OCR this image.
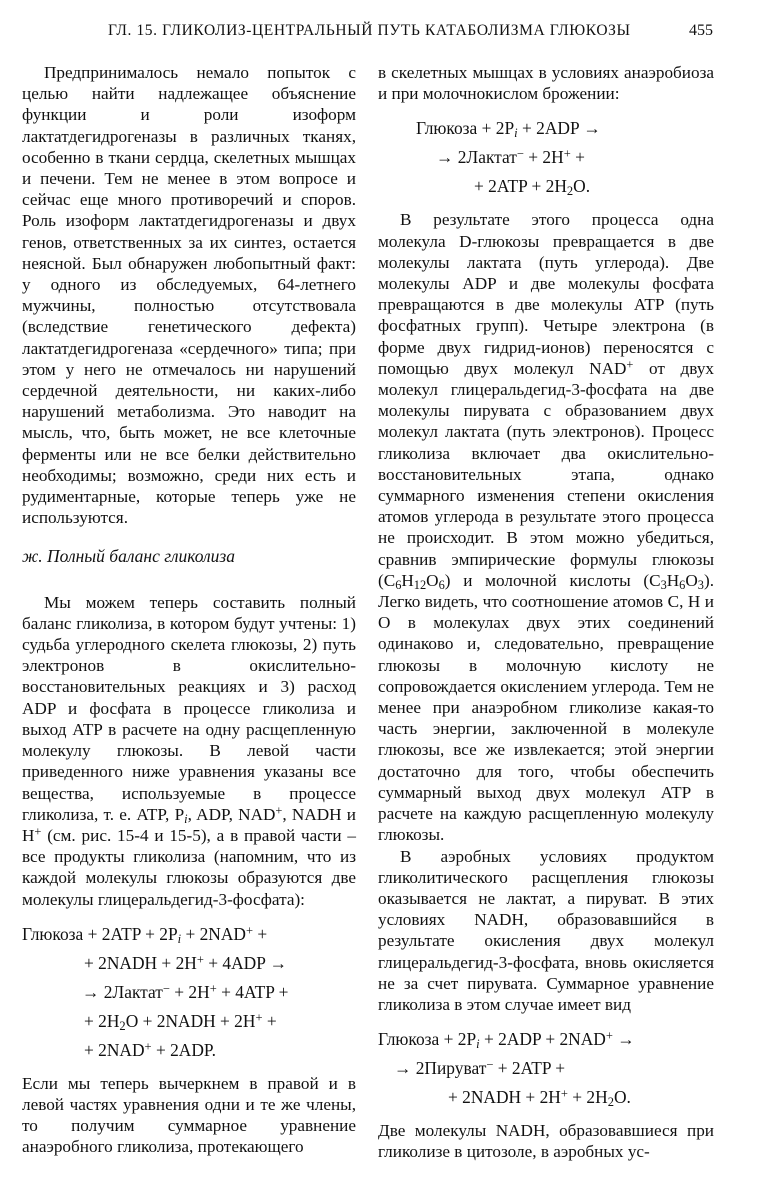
ГЛ. 15. ГЛИКОЛИЗ-ЦЕНТРАЛЬНЫЙ ПУТЬ КАТАБОЛИЗМА ГЛЮКОЗЫ	455

Предпринималось немало попыток с целью найти надлежащее объяснение функции и роли изоформ лактатдегидрогеназы в различных тканях, особенно в ткани сердца, скелетных мышцах и печени. Тем не менее в этом вопросе и сейчас еще много противоречий и споров. Роль изоформ лактатдегидрогеназы и двух генов, ответственных за их синтез, остается неясной. Был обнаружен любопытный факт: у одного из обследуемых, 64-летнего мужчины, полностью отсутствовала (вследствие генетического дефекта) лактатдегидрогеназа «сердечного» типа; при этом у него не отмечалось ни нарушений сердечной деятельности, ни каких-либо нарушений метаболизма. Это наводит на мысль, что, быть может, не все клеточные ферменты или не все белки действительно необходимы; возможно, среди них есть и рудиментарные, которые теперь уже не используются.

ж. Полный баланс гликолиза

Мы можем теперь составить полный баланс гликолиза, в котором будут учтены: 1) судьба углеродного скелета глюкозы, 2) путь электронов в окислительно-восстановительных реакциях и 3) расход ADP и фосфата в процессе гликолиза и выход ATP в расчете на одну расщепленную молекулу глюкозы. В левой части приведенного ниже уравнения указаны все вещества, используемые в процессе гликолиза, т. е. ATP, $P_i$, ADP, NAD+, NADH и H+ (см. рис. 15-4 и 15-5), а в правой части – все продукты гликолиза (напомним, что из каждой молекулы глюкозы образуются две молекулы глицеральдегид-3-фосфата):

Глюкоза + $2ATP + 2P_i + 2NAD^+$ +
+ 2NADH + 2H+ + 4ADP →
→ 2Лактат− + 2H+ + 4ATP +
+ $2H_2O$ + 2NADH + 2H+ +
+ 2NAD+ + 2ADP.

Если мы теперь вычеркнем в правой и в левой частях уравнения одни и те же члены, то получим суммарное уравнение анаэробного гликолиза, протекающего

в скелетных мышцах в условиях анаэробиоза и при молочнокислом брожении:

Глюкоза + $2P_i + 2ADP$ →
→ 2Лактат− + 2H+ +
+ $2ATP + 2H_2O$.

В результате этого процесса одна молекула D-глюкозы превращается в две молекулы лактата (путь углерода). Две молекулы ADP и две молекулы фосфата превращаются в две молекулы ATP (путь фосфатных групп). Четыре электрона (в форме двух гидрид-ионов) переносятся с помощью двух молекул NAD+ от двух молекул глицеральдегид-3-фосфата на две молекулы пирувата с образованием двух молекул лактата (путь электронов). Процесс гликолиза включает два окислительно-восстановительных этапа, однако суммарного изменения степени окисления атомов углерода в результате этого процесса не происходит. В этом можно убедиться, сравнив эмпирические формулы глюкозы $(C_6H_{12}O_6)$ и молочной кислоты $(C_3H_6O_3)$. Легко видеть, что соотношение атомов C, H и O в молекулах двух этих соединений одинаково и, следовательно, превращение глюкозы в молочную кислоту не сопровождается окислением углерода. Тем не менее при анаэробном гликолизе какая-то часть энергии, заключенной в молекуле глюкозы, все же извлекается; этой энергии достаточно для того, чтобы обеспечить суммарный выход двух молекул ATP в расчете на каждую расщепленную молекулу глюкозы.

В аэробных условиях продуктом гликолитического расщепления глюкозы оказывается не лактат, а пируват. В этих условиях NADH, образовавшийся в результате окисления двух молекул глицеральдегид-3-фосфата, вновь окисляется не за счет пирувата. Суммарное уравнение гликолиза в этом случае имеет вид

Глюкоза + $2P_i + 2ADP + 2NAD^+$ →
→ 2Пируват− + 2ATP +
+ 2NADH + $2H^+ + 2H_2O$.

Две молекулы NADH, образовавшиеся при гликолизе в цитозоле, в аэробных ус-
